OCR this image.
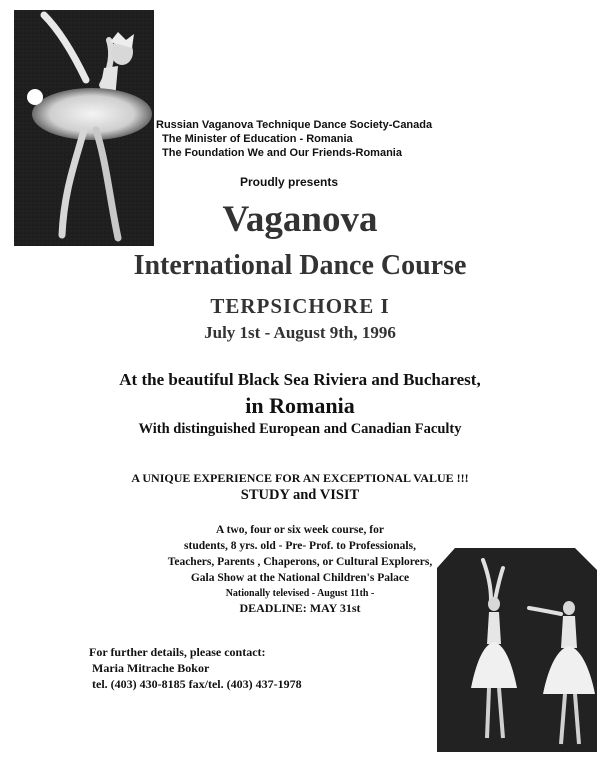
Russian Vaganova Technique Dance Society-Canada
The Minister of Education - Romania
The Foundation We and Our Friends-Romania
Proudly presents
Vaganova
International Dance Course
TERPSICHORE I
July 1st - August 9th, 1996
At the beautiful Black Sea Riviera and Bucharest,
in Romania
With distinguished European and Canadian Faculty
A UNIQUE EXPERIENCE FOR AN EXCEPTIONAL VALUE !!!
STUDY and VISIT
A two, four or six week course, for
students, 8 yrs. old - Pre- Prof. to Professionals,
Teachers, Parents , Chaperons, or Cultural Explorers,
Gala Show at the National Children's Palace
Nationally televised - August 11th -
DEADLINE: MAY 31st
For further details, please contact:
Maria Mitrache Bokor
tel. (403) 430-8185 fax/tel. (403) 437-1978
